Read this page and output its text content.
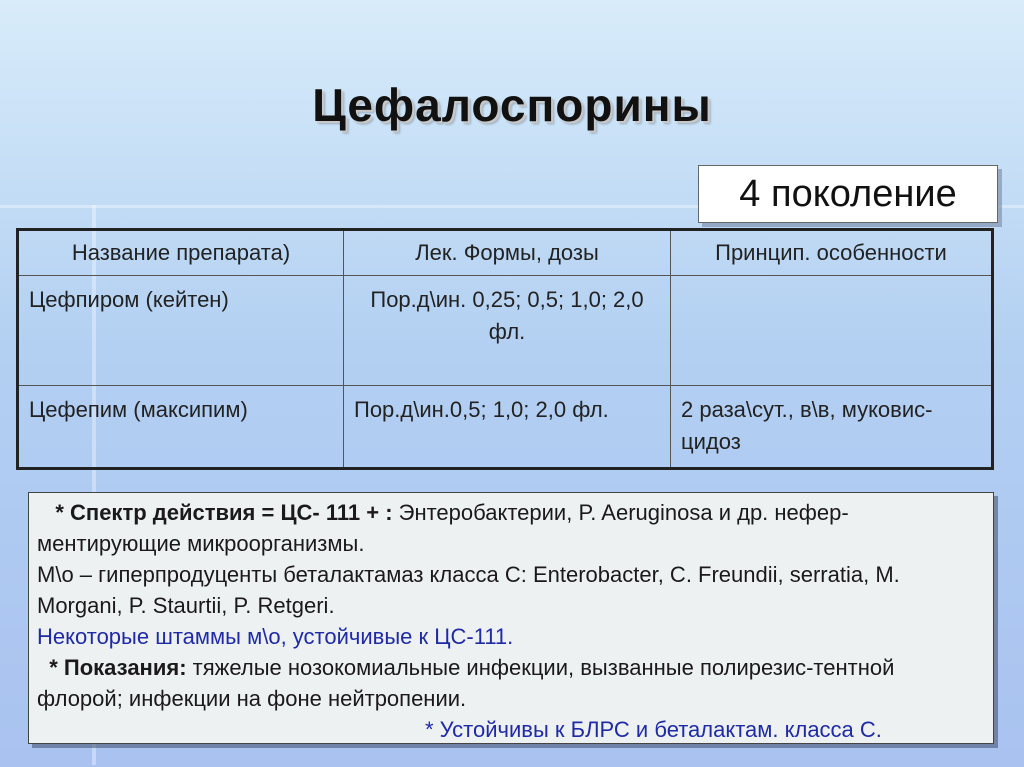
Цефалоспорины
4 поколение
Название препарата)	Лек. Формы, дозы	Принцип. особенности
Цефпиром (кейтен)	Пор.д\ин. 0,25; 0,5; 1,0; 2,0 фл.	
Цефепим (максипим)	Пор.д\ин.0,5; 1,0; 2,0 фл.	2 раза\сут., в\в, муковис-цидоз
* Спектр действия = ЦС- 111 + : Энтеробактерии, P. Aeruginosa и др. нефер-ментирующие микроорганизмы.
М\о – гиперпродуценты беталактамаз класса С: Enterobacter, C. Freundii, serratia, M. Morgani, P. Staurtii, P. Retgeri.
Некоторые штаммы м\о, устойчивые к ЦС-111.
* Показания: тяжелые нозокомиальные инфекции, вызванные полирезис-тентной флорой; инфекции на фоне нейтропении.
* Устойчивы к БЛРС и беталактам. класса С.
